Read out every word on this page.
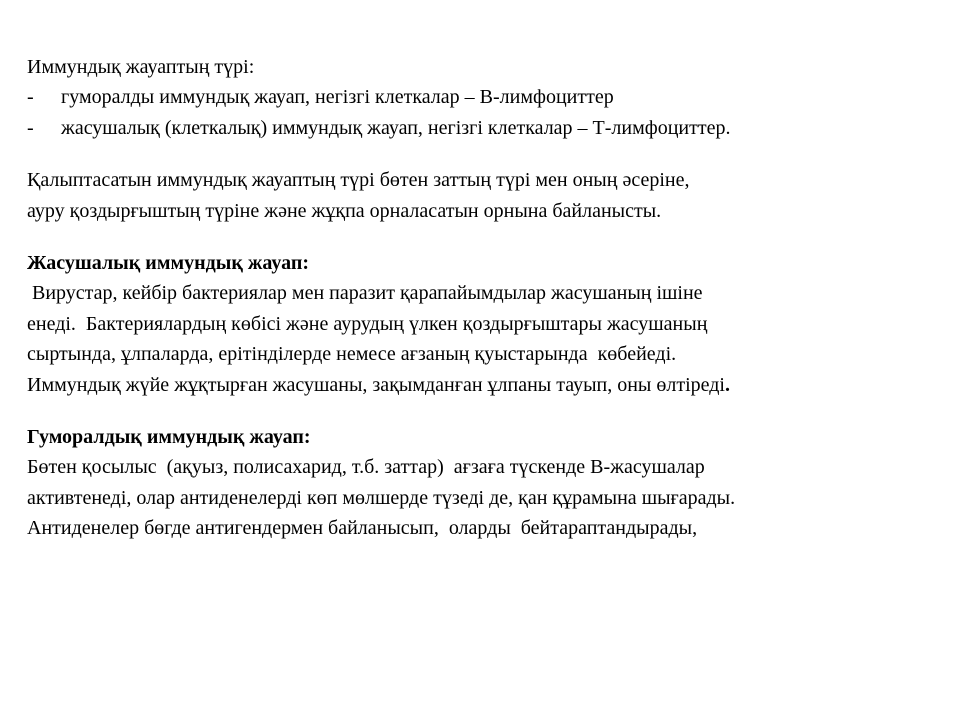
Иммундық жауаптың түрі:
- гуморалды иммундық жауап, негізгі клеткалар – В-лимфоциттер
- жасушалық (клеткалық) иммундық жауап, негізгі клеткалар – Т-лимфоциттер.
Қалыптасатын иммундық жауаптың түрі бөтен заттың түрі мен оның әсеріне,
ауру қоздырғыштың түріне және жұқпа орналасатын орнына байланысты.
Жасушалық иммундық жауап:
Вирустар, кейбір бактериялар мен паразит қарапайымдылар жасушаның ішіне
енеді.  Бактериялардың көбісі және аурудың үлкен қоздырғыштары жасушаның
сыртында, ұлпаларда, ерітінділерде немесе ағзаның қуыстарында  көбейеді.
Иммундық жүйе жұқтырған жасушаны, зақымданған ұлпаны тауып, оны өлтіреді.
Гуморалдық иммундық жауап:
Бөтен қосылыс  (ақуыз, полисахарид, т.б. заттар)  ағзаға түскенде В-жасушалар
активтенеді, олар антиденелерді көп мөлшерде түзеді де, қан құрамына шығарады.
Антиденелер бөгде антигендермен байланысып,  оларды  бейтараптандырады,
